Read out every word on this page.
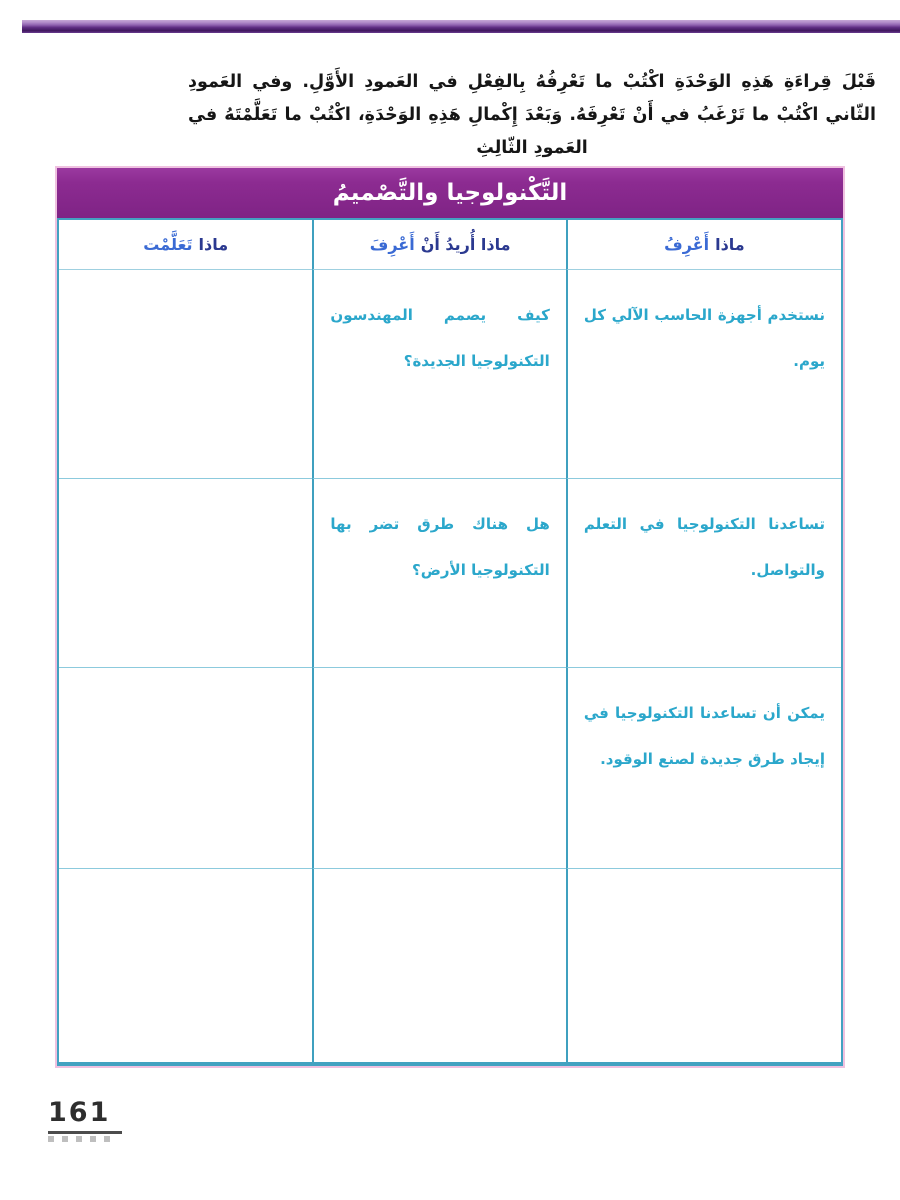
قَبْلَ قِراءَةِ هَذِهِ الوَحْدَةِ اكْتُبْ ما تَعْرِفُهُ بِالفِعْلِ في العَمودِ الأَوَّلِ. وفي العَمودِ الثّاني اكْتُبْ ما تَرْغَبُ في أَنْ تَعْرِفَهُ. وَبَعْدَ إِكْمالِ هَذِهِ الوَحْدَةِ، اكْتُبْ ما تَعَلَّمْتَهُ في العَمودِ الثّالِثِ

التَّكْنولوجيا والتَّصْميمُ
ماذا
أَعْرِفُ
ماذا أُريدُ أَنْ
أَعْرِفَ
ماذا
تَعَلَّمْت
نستخدم أجهزة الحاسب الآلي كل يوم.
كيف يصمم المهندسون التكنولوجيا الجديدة؟
تساعدنا التكنولوجيا في التعلم والتواصل.
هل هناك طرق تضر بها التكنولوجيا الأرض؟
يمكن أن تساعدنا التكنولوجيا في إيجاد طرق جديدة لصنع الوقود.
161
